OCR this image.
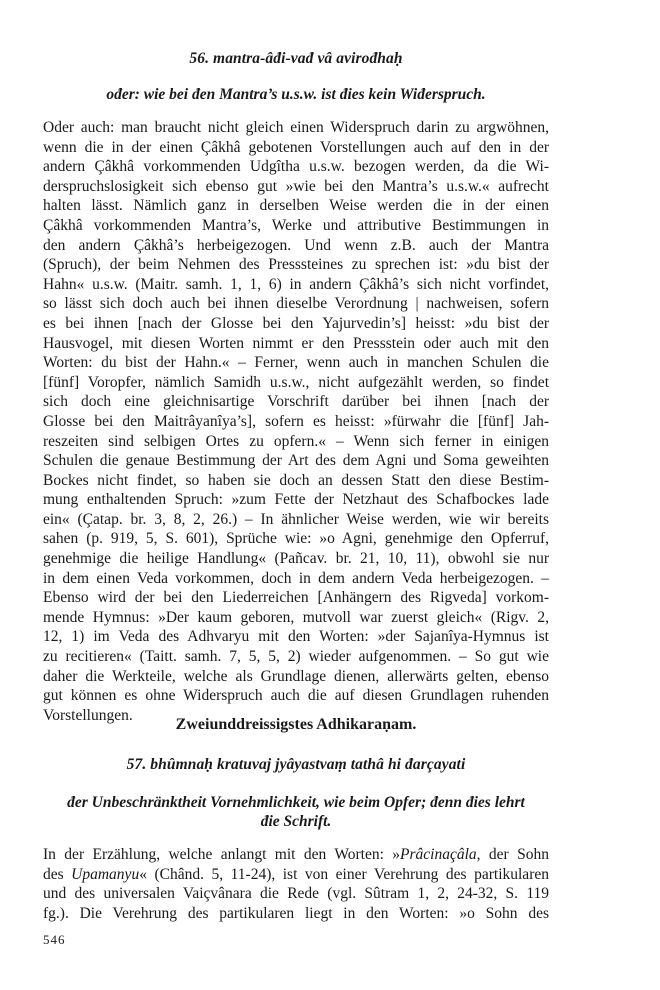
56. mantra-âđi-vađ vâ avirođhaḥ
ođer: wie bei đen Mantra’s u.s.w. ist đies kein Wiđerspruch.
Oder auch: man braucht nicht gleich einen Widerspruch darin zu argwöhnen,
wenn die in der einen Çâkhâ gebotenen Vorstellungen auch auf den in der
andern Çâkhâ vorkommenden Udgîtha u.s.w. bezogen werden, da die Wi-
derspruchslosigkeit sich ebenso gut »wie bei den Mantra’s u.s.w.« aufrecht
halten lässt. Nämlich ganz in derselben Weise werden die in der einen
Çâkhâ vorkommenden Mantra’s, Werke und attributive Bestimmungen in
den andern Çâkhâ’s herbeigezogen. Und wenn z.B. auch der Mantra
(Spruch), der beim Nehmen des Presssteines zu sprechen ist: »du bist der
Hahn« u.s.w. (Maitr. samh. 1, 1, 6) in andern Çâkhâ’s sich nicht vorfindet,
so lässt sich doch auch bei ihnen dieselbe Verordnung | nachweisen, sofern
es bei ihnen [nach der Glosse bei den Yajurvedin’s] heisst: »du bist der
Hausvogel, mit diesen Worten nimmt er den Pressstein oder auch mit den
Worten: du bist der Hahn.« – Ferner, wenn auch in manchen Schulen die
[fünf] Voropfer, nämlich Samidh u.s.w., nicht aufgezählt werden, so findet
sich doch eine gleichnisartige Vorschrift darüber bei ihnen [nach der
Glosse bei den Maitrâyanîya’s], sofern es heisst: »fürwahr die [fünf] Jah-
reszeiten sind selbigen Ortes zu opfern.« – Wenn sich ferner in einigen
Schulen die genaue Bestimmung der Art des dem Agni und Soma geweihten
Bockes nicht findet, so haben sie doch an dessen Statt den diese Bestim-
mung enthaltenden Spruch: »zum Fette der Netzhaut des Schafbockes lade
ein« (Çatap. br. 3, 8, 2, 26.) – In ähnlicher Weise werden, wie wir bereits
sahen (p. 919, 5, S. 601), Sprüche wie: »o Agni, genehmige den Opferruf,
genehmige die heilige Handlung« (Pañcav. br. 21, 10, 11), obwohl sie nur
in dem einen Veda vorkommen, doch in dem andern Veda herbeigezogen. –
Ebenso wird der bei den Liederreichen [Anhängern des Rigveda] vorkom-
mende Hymnus: »Der kaum geboren, mutvoll war zuerst gleich« (Rigv. 2,
12, 1) im Veda des Adhvaryu mit den Worten: »der Sajanîya-Hymnus ist
zu recitieren« (Taitt. samh. 7, 5, 5, 2) wieder aufgenommen. – So gut wie
daher die Werkteile, welche als Grundlage dienen, allerwärts gelten, ebenso
gut können es ohne Widerspruch auch die auf diesen Grundlagen ruhenden
Vorstellungen.
Zweiunddreissigstes Adhikaraṇam.
57. bhûmnaḥ kratuvaj jyâyastvaṃ tathâ hi đarçayati
đer Unbeschränktheit Vornehmlichkeit, wie beim Opfer; đenn đies lehrt
đie Schrift.
In der Erzählung, welche anlangt mit den Worten: »Prâcinaçâla, der Sohn
des Upamanyu« (Chând. 5, 11-24), ist von einer Verehrung des partikularen
und des universalen Vaiçvânara die Rede (vgl. Sûtram 1, 2, 24-32, S. 119
fg.). Die Verehrung des partikularen liegt in den Worten: »o Sohn des
546
